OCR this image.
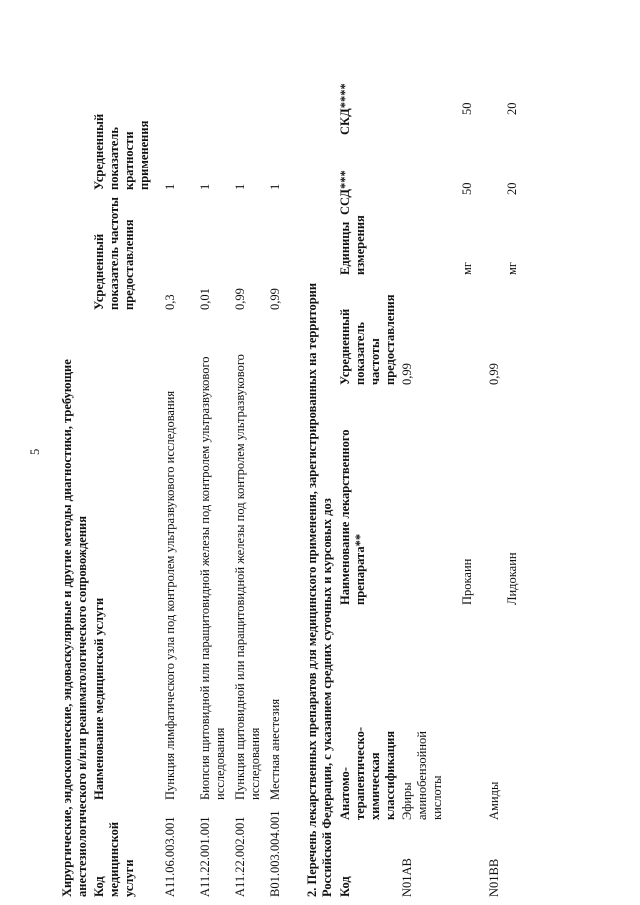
5 Хирургические, эндоскопические, эндоваскулярные и другие методы диагностики, требующие анестезиологического и/или реаниматологического сопровождения Код медицинской услуги
Наименование медицинской услуги
Усредненный показатель частоты предоставления
Усредненный показатель кратности применения
A11.06.003.001
Пункция лимфатического узла под контролем ультразвукового исследования
0,3
1
A11.22.001.001
Биопсия щитовидной или паращитовидной железы под контролем ультразвукового исследования
0,01
1
A11.22.002.001
Пункция щитовидной или паращитовидной железы под контролем ультразвукового исследования
0,99
1
B01.003.004.001
Местная анестезия
0,99
1
2. Перечень лекарственных препаратов для медицинского применения, зарегистрированных на территории Российской Федерации, с указанием средних суточных и курсовых доз Код
Анатомо-терапевтическо-химическая классификация
Наименование лекарственного препарата**
Усредненный показатель частоты предоставления
Единицы измерения
ССД***
СКД****
N01AB
Эфиры аминобензойной кислоты
0,99
Прокаин
мг
50
50
N01BB
Амиды
0,99
Лидокаин
мг
20
20
